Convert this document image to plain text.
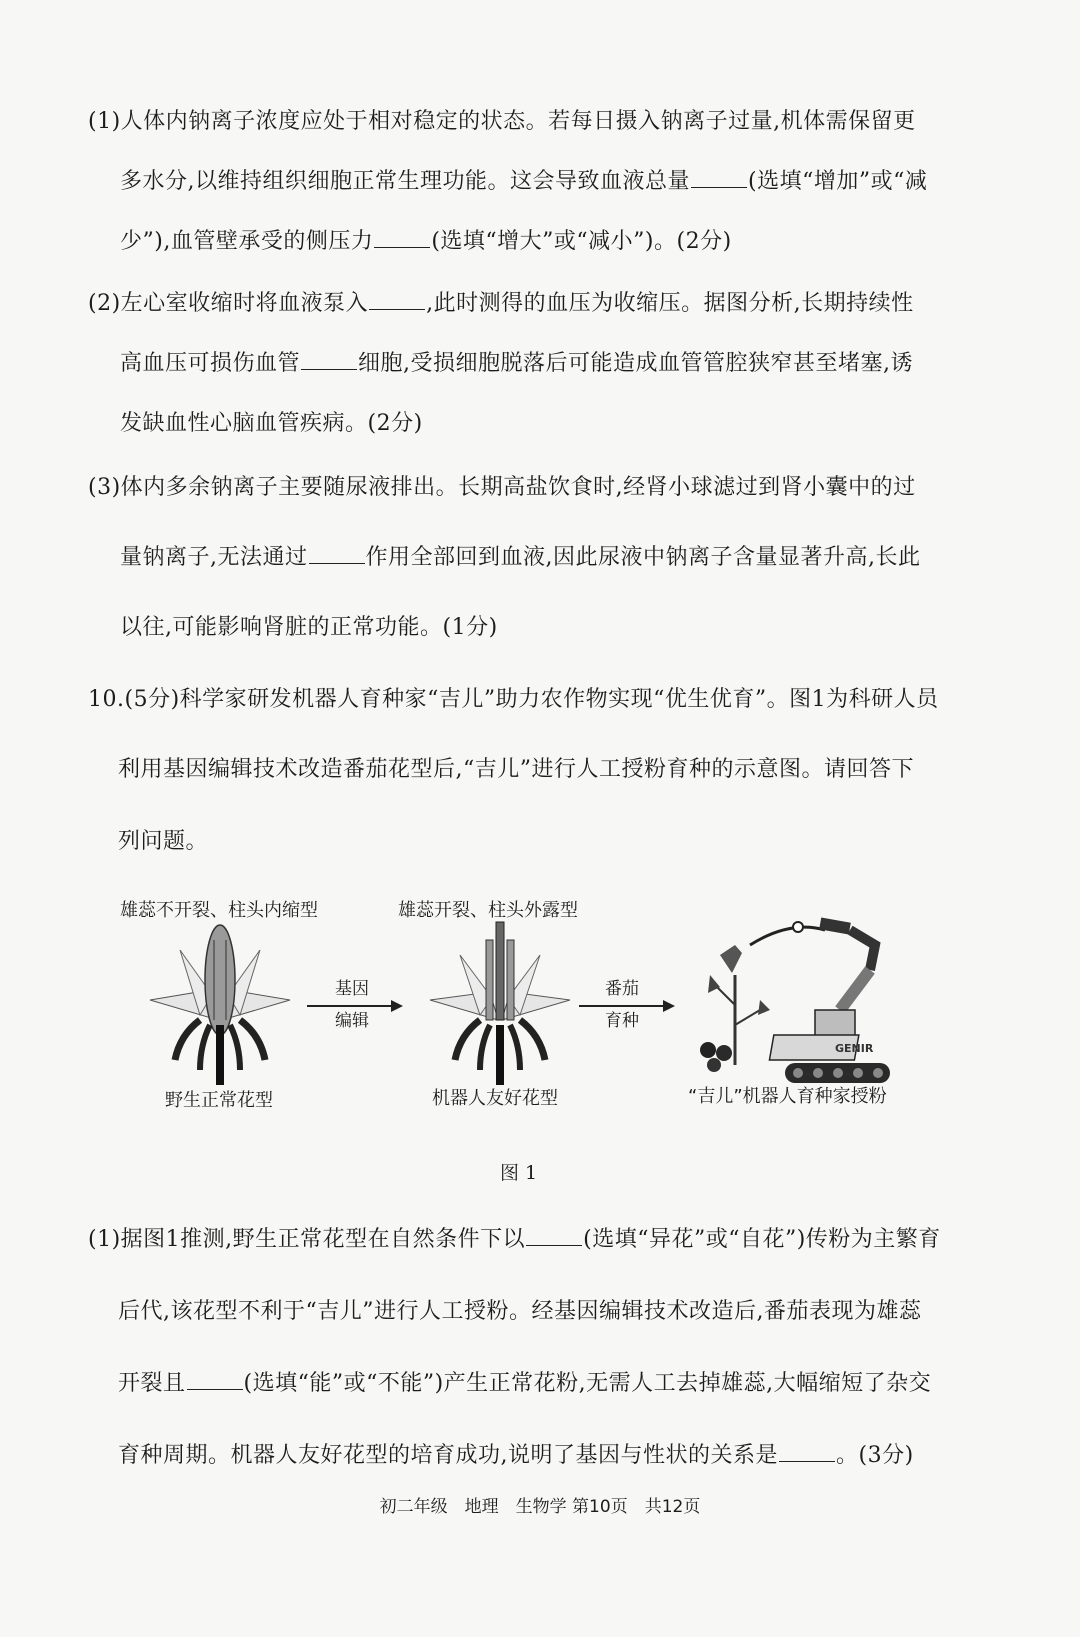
(1)人体内钠离子浓度应处于相对稳定的状态。若每日摄入钠离子过量,机体需保留更
多水分,以维持组织细胞正常生理功能。这会导致血液总量	(选填“增加”或“减
少”),血管壁承受的侧压力	(选填“增大”或“减小”)。(2分)
(2)左心室收缩时将血液泵入	,此时测得的血压为收缩压。据图分析,长期持续性
高血压可损伤血管	细胞,受损细胞脱落后可能造成血管管腔狭窄甚至堵塞,诱
发缺血性心脑血管疾病。(2分)
(3)体内多余钠离子主要随尿液排出。长期高盐饮食时,经肾小球滤过到肾小囊中的过
量钠离子,无法通过	作用全部回到血液,因此尿液中钠离子含量显著升高,长此
以往,可能影响肾脏的正常功能。(1分)
10.(5分)科学家研发机器人育种家“吉儿”助力农作物实现“优生优育”。图1为科研人员
利用基因编辑技术改造番茄花型后,“吉儿”进行人工授粉育种的示意图。请回答下
列问题。
雄蕊不开裂、柱头内缩型	雄蕊开裂、柱头外露型
基因
编辑
番茄
育种
GENIR
野生正常花型	机器人友好花型	“吉儿”机器人育种家授粉
图 1
(1)据图1推测,野生正常花型在自然条件下以	(选填“异花”或“自花”)传粉为主繁育
后代,该花型不利于“吉儿”进行人工授粉。经基因编辑技术改造后,番茄表现为雄蕊
开裂且	(选填“能”或“不能”)产生正常花粉,无需人工去掉雄蕊,大幅缩短了杂交
育种周期。机器人友好花型的培育成功,说明了基因与性状的关系是	。(3分)
初二年级　地理　生物学 第10页　共12页
